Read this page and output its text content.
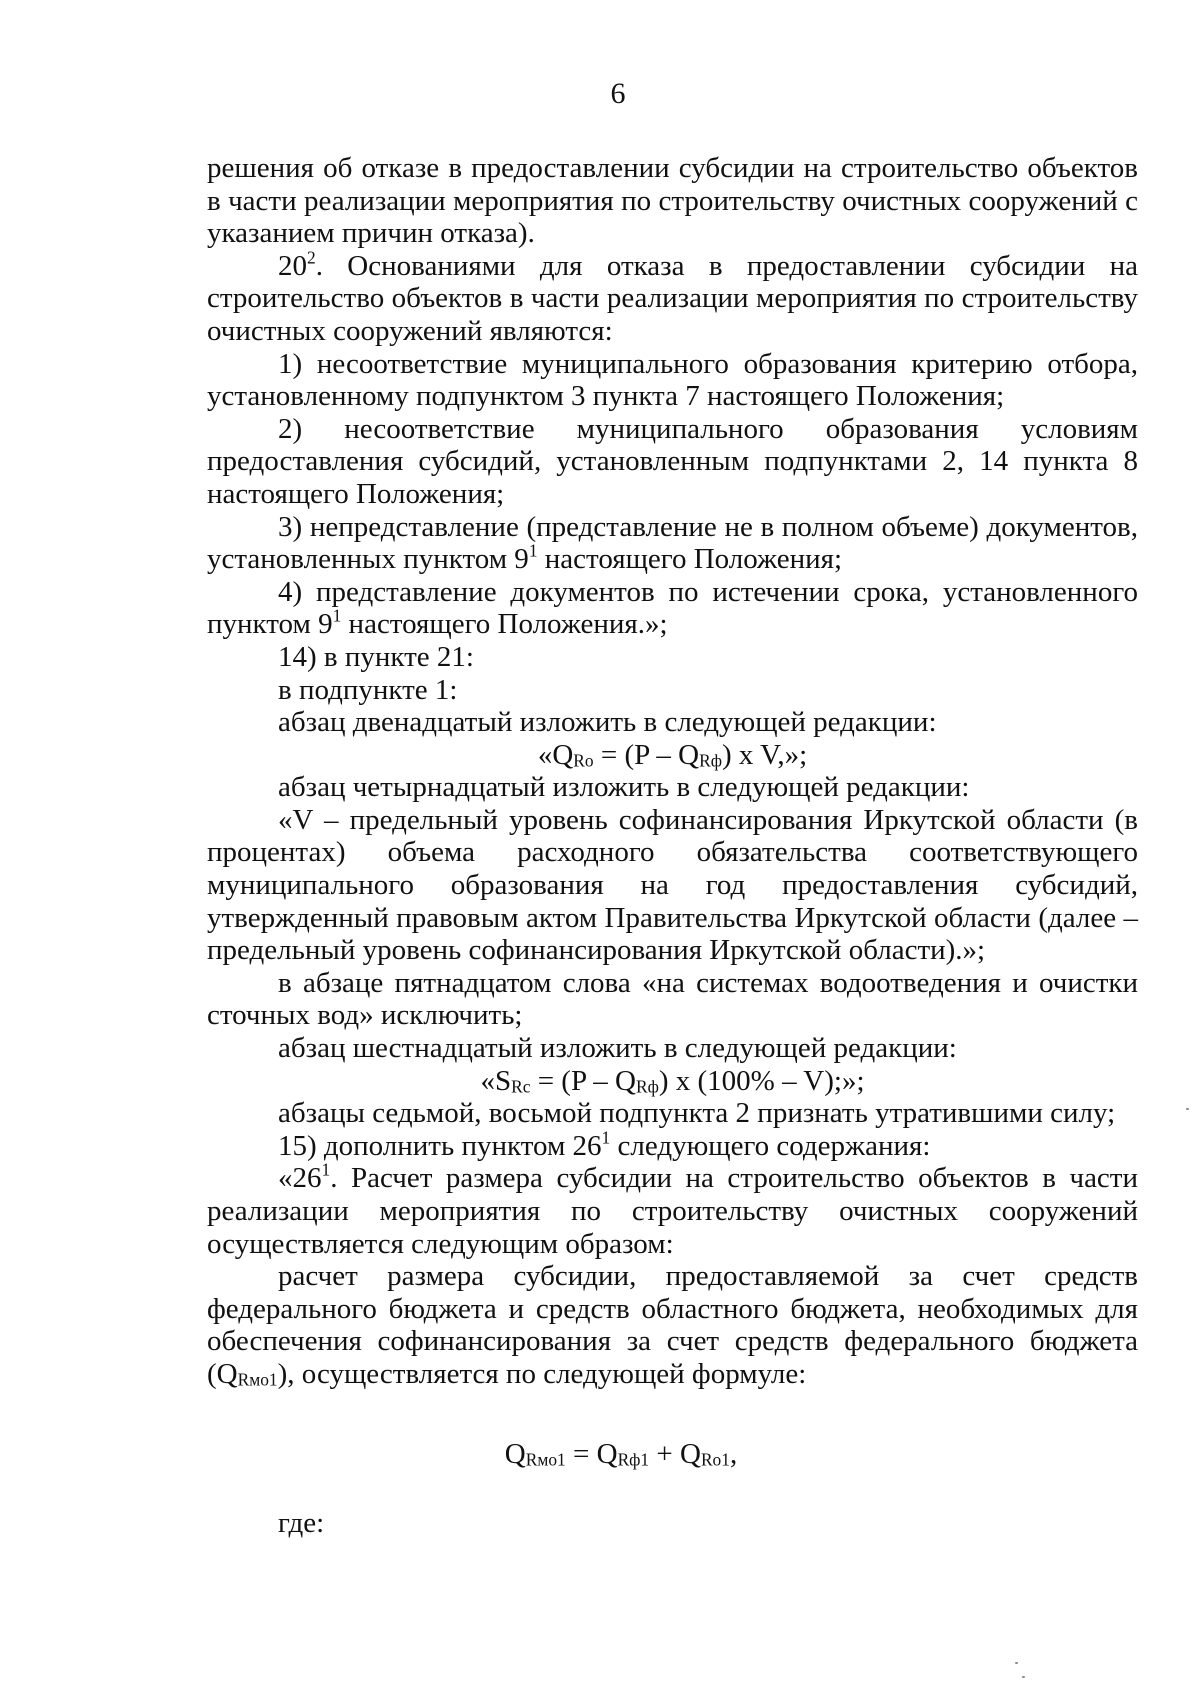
6

решения об отказе в предоставлении субсидии на строительство объектов в части реализации мероприятия по строительству очистных сооружений с указанием причин отказа).

$20^2$. Основаниями для отказа в предоставлении субсидии на строительство объектов в части реализации мероприятия по строительству очистных сооружений являются:

1) несоответствие муниципального образования критерию отбора, установленному подпунктом 3 пункта 7 настоящего Положения;

2) несоответствие муниципального образования условиям предоставления субсидий, установленным подпунктами 2, 14 пункта 8 настоящего Положения;

3) непредставление (представление не в полном объеме) документов, установленных пунктом $9^1$ настоящего Положения;

4) представление документов по истечении срока, установленного пунктом $9^1$ настоящего Положения.»;

14) в пункте 21:

в подпункте 1:

абзац двенадцатый изложить в следующей редакции:

«$Q_{Ro} = (P - Q_{Rф})$ x V,»;

абзац четырнадцатый изложить в следующей редакции:

«V – предельный уровень софинансирования Иркутской области (в процентах) объема расходного обязательства соответствующего муниципального образования на год предоставления субсидий, утвержденный правовым актом Правительства Иркутской области (далее – предельный уровень софинансирования Иркутской области).»;

в абзаце пятнадцатом слова «на системах водоотведения и очистки сточных вод» исключить;

абзац шестнадцатый изложить в следующей редакции:

«$S_{Rc} = (P - Q_{Rф})$ x (100% – V);»;

абзацы седьмой, восьмой подпункта 2 признать утратившими силу;

15) дополнить пунктом $26^1$ следующего содержания:

«$26^1$. Расчет размера субсидии на строительство объектов в части реализации мероприятия по строительству очистных сооружений осуществляется следующим образом:

расчет размера субсидии, предоставляемой за счет средств федерального бюджета и средств областного бюджета, необходимых для обеспечения софинансирования за счет средств федерального бюджета $(Q_{Rмо1})$, осуществляется по следующей формуле:

$Q_{Rмо1} = Q_{Rф1} + Q_{Ro1}$,
где:
